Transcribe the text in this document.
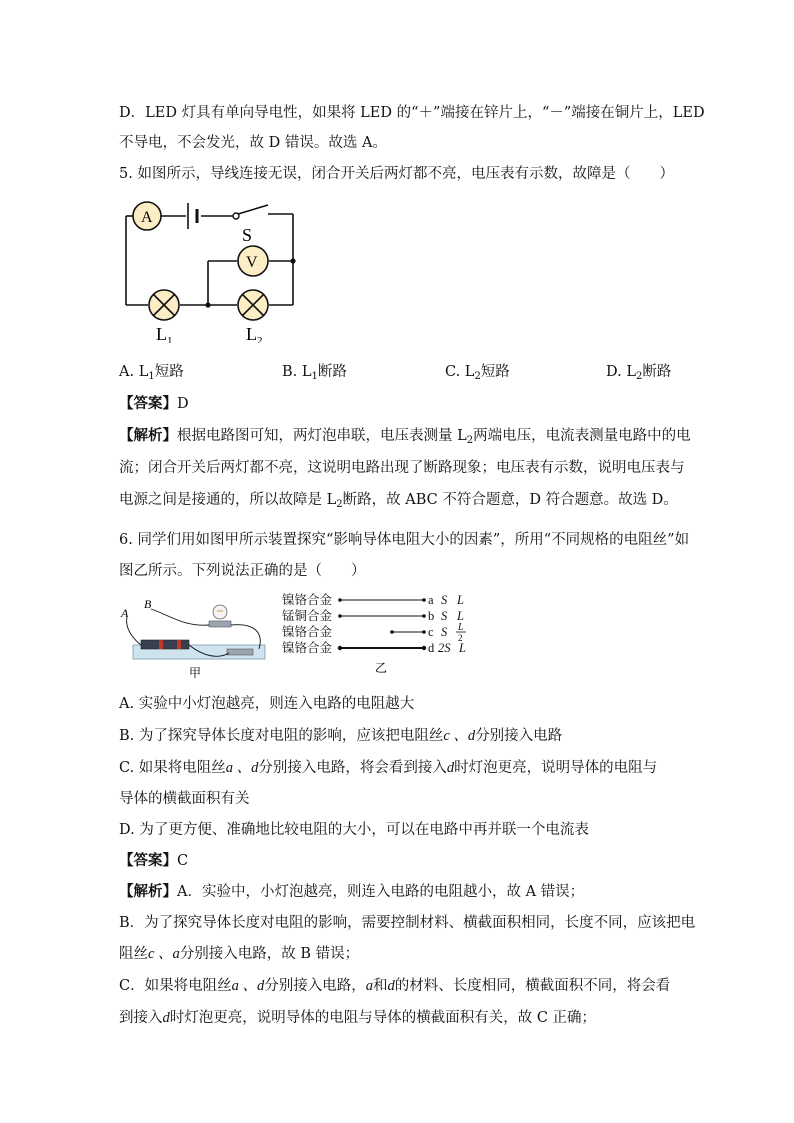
D．LED 灯具有单向导电性，如果将 LED 的“＋”端接在锌片上，“－”端接在铜片上，LED
不导电，不会发光，故 D 错误。故选 A。
5. 如图所示，导线连接无误，闭合开关后两灯都不亮，电压表有示数，故障是（　　）
S
A
V
$L_1$	$L_2$
A. $L_1$短路	B. $L_1$断路	C. $L_2$短路	D. $L_2$断路
【答案】D
【解析】根据电路图可知，两灯泡串联，电压表测量 $L_2$两端电压，电流表测量电路中的电
流；闭合开关后两灯都不亮，这说明电路出现了断路现象；电压表有示数，说明电压表与
电源之间是接通的，所以故障是 $L_2$断路，故 ABC 不符合题意，D 符合题意。故选 D。
6. 同学们用如图甲所示装置探究“影响导体电阻大小的因素”，所用“不同规格的电阻丝”如
图乙所示。下列说法正确的是（　　）
A
B
甲
镍铬合金
锰铜合金
镍铬合金
镍铬合金
a S L
b S L
c S L
2
d 2S L
乙
A. 实验中小灯泡越亮，则连入电路的电阻越大
B. 为了探究导体长度对电阻的影响，应该把电阻丝c 、d分别接入电路
C. 如果将电阻丝a 、d分别接入电路，将会看到接入d时灯泡更亮，说明导体的电阻与
导体的横截面积有关
D. 为了更方便、准确地比较电阻的大小，可以在电路中再并联一个电流表
【答案】C
【解析】A．实验中，小灯泡越亮，则连入电路的电阻越小，故 A 错误；
B．为了探究导体长度对电阻的影响，需要控制材料、横截面积相同，长度不同，应该把电
阻丝c 、a分别接入电路，故 B 错误；
C．如果将电阻丝a 、d分别接入电路，a和d的材料、长度相同，横截面积不同，将会看
到接入d时灯泡更亮，说明导体的电阻与导体的横截面积有关，故 C 正确；
